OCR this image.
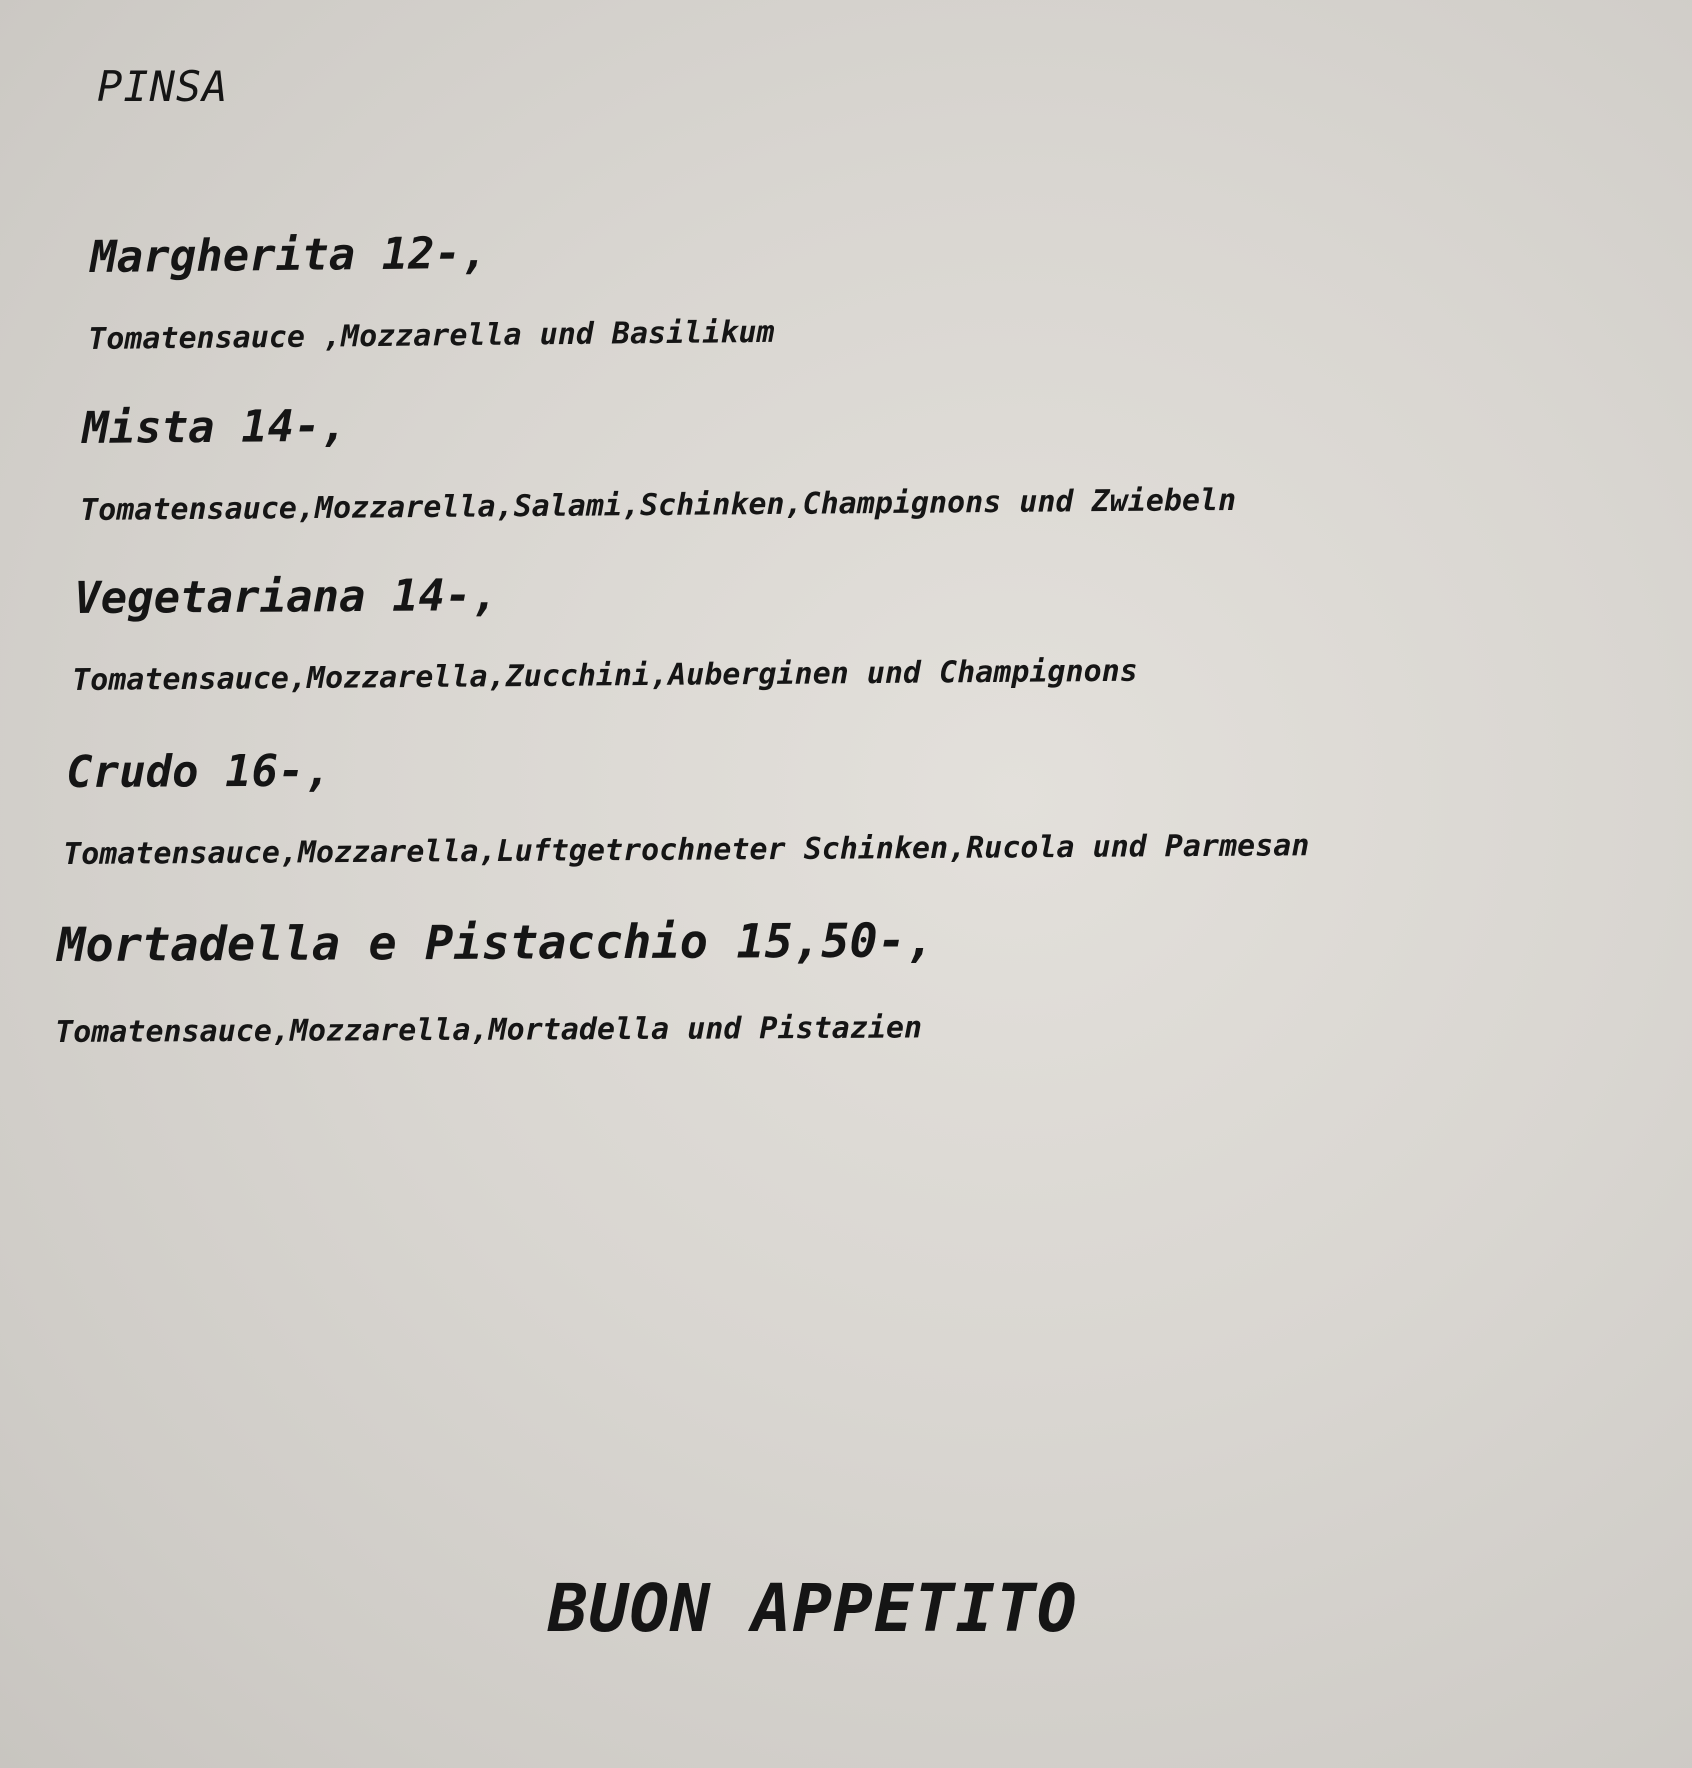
PINSA
Margherita 12-,
Tomatensauce ,Mozzarella und Basilikum
Mista 14-,
Tomatensauce,Mozzarella,Salami,Schinken,Champignons und Zwiebeln
Vegetariana 14-,
Tomatensauce,Mozzarella,Zucchini,Auberginen und Champignons
Crudo 16-,
Tomatensauce,Mozzarella,Luftgetrochneter Schinken,Rucola und Parmesan
Mortadella e Pistacchio 15,50-,
Tomatensauce,Mozzarella,Mortadella und Pistazien
BUON APPETITO
